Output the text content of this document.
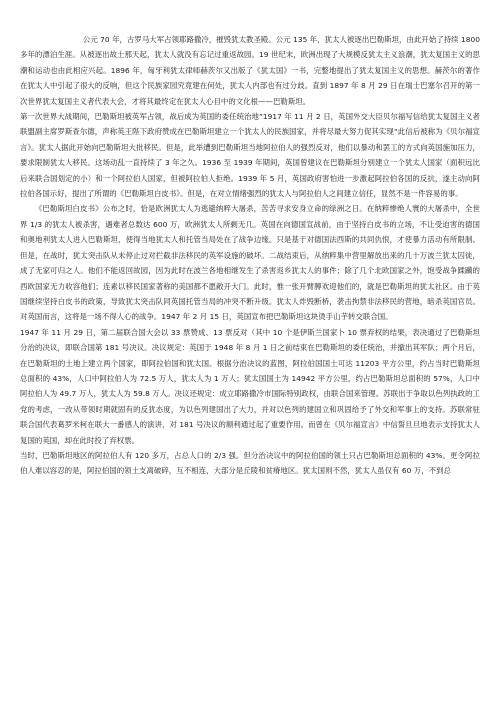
公元 70 年，古罗马大军占领耶路撒冷，摧毁犹太教圣殿。公元 135 年，犹太人被逐出巴勒斯坦，由此开始了持续 1800 多年的漂泊生涯。从被逐出故土那天起，犹太人就没有忘记过重返故园。19 世纪末，欧洲出现了大规模反犹太主义浪潮，犹太复国主义的思潮和运动也由此相应兴起。1896 年，匈牙利犹太律师赫茨尔又出版了《犹太国》一书，完整地提出了犹太复国主义的思想。赫茨尔的著作在犹太人中引起了很大的反响，但这个民族家园究竟建在何处，犹太人内部也有过分歧。直到 1897 年 8 月 29 日在瑞士巴塞尔召开的第一次世界犹太复国主义者代表大会，才将其最终定在犹太人心目中的文化根——巴勒斯坦。

第一次世界大战期间，巴勒斯坦被英军占领，战后成为英国的委任统治地”1917 年 11 月 2 日，英国外交大臣贝尔福写信给犹太复国主义者联盟副主席罗斯查尔德，声称英王陛下政府赞成在巴勒斯坦建立一个犹太人的民族国家，并将尽最大努力促其实现”此信后被称为《贝尔福宣言》。犹太人据此开始向巴勒斯坦大批移民。但是，此举遭到巴勒斯坦当地阿拉伯人的强烈反对，他们以暴动和罢工的方式向英国施加压力，要求限制犹太人移民。这场动乱一直持续了 3 年之久。1936 至 1939 年期间，英国曾建议在巴勒斯坦分别建立一个犹太人国家（面积远比后来联合国划定的小）和一个阿拉伯人国家，但被阿拉伯人拒绝。1939 年 5 月，英国政府害怕进一步激起阿拉伯各国的反抗，遂主动向阿拉伯各国示好，提出了所谓的《巴勒斯坦白皮书》。但是，在对立情绪强烈的犹太人与阿拉伯人之间建立信任，显然不是一件容易的事。

《巴勒斯坦白皮书》公布之时，恰是欧洲犹太人为逃避纳粹大屠杀，苦苦寻求安身立命的绿洲之日。在纳粹惨绝人寰的大屠杀中，全世界 1/3 的犹太人被杀害，遇难者总数达 600 万，欧洲犹太人所剩无几。英国在向德国宣战前，由于坚持白皮书的立场，不让受迫害的德国和奥地利犹太人进入巴勒斯坦，使得当地犹太人和托管当局处在了战争边缘。只是基于对德国法西斯的共同仇恨，才使暴力活动有所限制。但是，在战时，犹太突击队从未停止过对拦截非法移民的英军设施的破坏。二战结束后，从纳粹集中营里解放出来的几十万波兰犹太囚徒，成了无家可归之人。他们不能返回故园，因为此时在波兰各地相继发生了杀害返乡犹太人的事件；除了几个北欧国家之外，饱受战争蹂躏的西欧国家无力收容他们；连素以移民国家著称的美国都不愿敞开大门。此时，惟一张开臂膊欢迎他们的，就是巴勒斯坦的犹太社区。由于英国继续坚持白皮书的政策，导致犹太突击队同英国托管当局的冲突不断升级。犹太人炸毁断桥，袭击拘禁非法移民的营地，暗杀英国官员。对英国而言，这将是一场不得人心的战争。1947 年 2 月 15 日，英国宣布把巴勒斯坦这块烫手山芋转交联合国。

1947 年 11 月 29 日，第二届联合国大会以 33 票赞成、13 票反对（其中 10 个是伊斯兰国家卜 10 票弃权的结果，表决通过了巴勒斯坦分治的决议，即联合国第 181 号决议。决议规定：英国于 1948 年 8 月 1 日之前结束在巴勒斯坦的委任统治，并撤出其军队；两个月后，在巴勒斯坦的土地上建立两个国家，即阿拉伯国和犹太国。根据分治决议的蓝图，阿拉伯国国土可达 11203 平方公里，约占当时巴勒斯坦总面积的 43%，人口中阿拉伯人为 72.5 万人，犹太人为 1 万人；犹太国国土为 14942 平方公里，约占巴勒斯坦总面积的 57%，人口中阿拉伯人为 49.7 万人，犹太人为 59.8 万人。决议还规定：成立耶路撒冷市国际特别政权，由联合国来管理。苏联出于争取以色列执政的工党的考虑，一改从带领时期就固有的反犹态度，为以色列建国出了大力，并对以色列的建国立和巩固给予了外交和军事上的支持。苏联常驻联合国代表葛罗米柯在联大一番感人的演讲，对 181 号决议的顺利通过起了重要作用。而曾在《贝尔福宣言》中信誓旦旦地表示支持犹太人复国的英国，却在此时投了弃权票。

当时，巴勒斯坦地区的阿拉伯人有 120 多万，占总人口的 2/3 强。但分治决议中的阿拉伯国的领土只占巴勒斯坦总面积的 43%。更令阿拉伯人难以容忍的是，阿拉伯国的领土支离破碎，互不相连，大部分是丘陵和贫瘠地区。犹太国则不然，犹太人虽仅有 60 万，不到总
